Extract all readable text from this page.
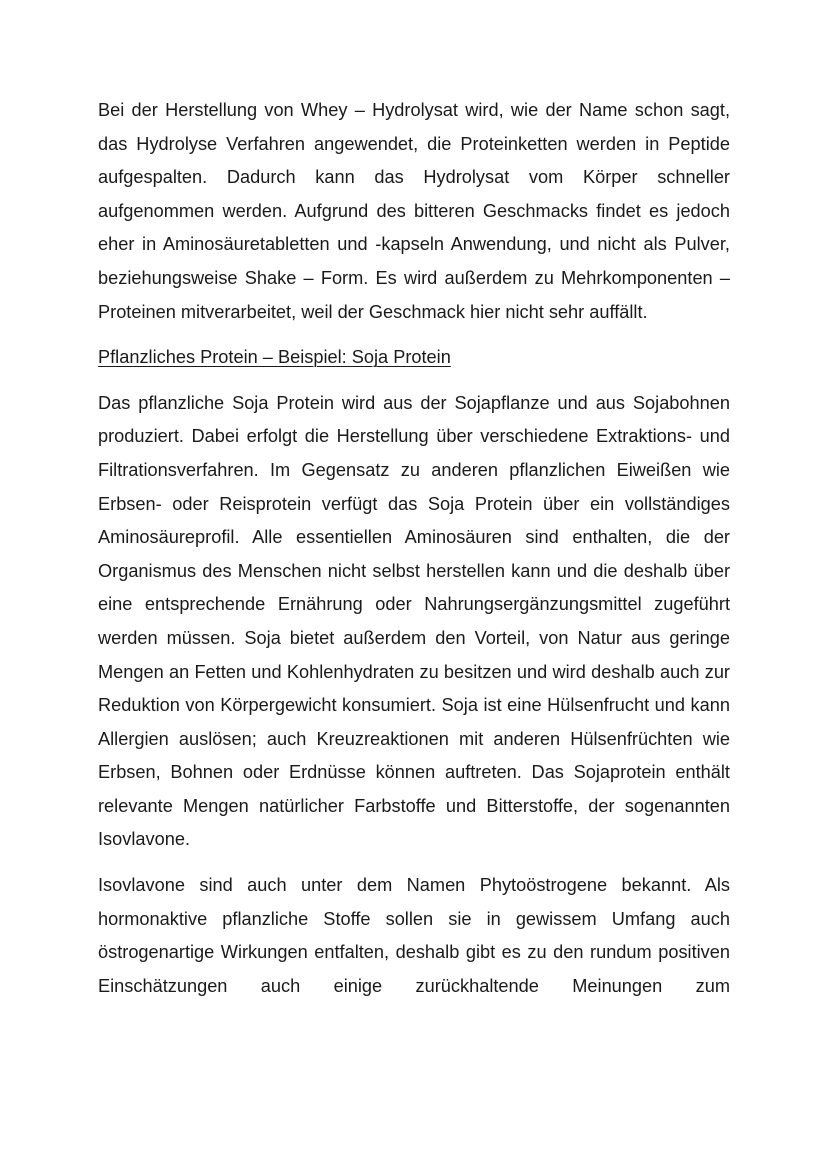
Bei der Herstellung von Whey – Hydrolysat wird, wie der Name schon sagt, das Hydrolyse Verfahren angewendet, die Proteinketten werden in Peptide aufgespalten. Dadurch kann das Hydrolysat vom Körper schneller aufgenommen werden. Aufgrund des bitteren Geschmacks findet es jedoch eher in Aminosäuretabletten und -kapseln Anwendung, und nicht als Pulver, beziehungsweise Shake – Form. Es wird außerdem zu Mehrkomponenten – Proteinen mitverarbeitet, weil der Geschmack hier nicht sehr auffällt.

Pflanzliches Protein – Beispiel: Soja Protein

Das pflanzliche Soja Protein wird aus der Sojapflanze und aus Sojabohnen produziert. Dabei erfolgt die Herstellung über verschiedene Extraktions- und Filtrationsverfahren. Im Gegensatz zu anderen pflanzlichen Eiweißen wie Erbsen- oder Reisprotein verfügt das Soja Protein über ein vollständiges Aminosäureprofil. Alle essentiellen Aminosäuren sind enthalten, die der Organismus des Menschen nicht selbst herstellen kann und die deshalb über eine entsprechende Ernährung oder Nahrungsergänzungsmittel zugeführt werden müssen. Soja bietet außerdem den Vorteil, von Natur aus geringe Mengen an Fetten und Kohlenhydraten zu besitzen und wird deshalb auch zur Reduktion von Körpergewicht konsumiert. Soja ist eine Hülsenfrucht und kann Allergien auslösen; auch Kreuzreaktionen mit anderen Hülsenfrüchten wie Erbsen, Bohnen oder Erdnüsse können auftreten. Das Sojaprotein enthält relevante Mengen natürlicher Farbstoffe und Bitterstoffe, der sogenannten Isovlavone.

Isovlavone sind auch unter dem Namen Phytoöstrogene bekannt. Als hormonaktive pflanzliche Stoffe sollen sie in gewissem Umfang auch östrogenartige Wirkungen entfalten, deshalb gibt es zu den rundum positiven Einschätzungen auch einige zurückhaltende Meinungen zum
